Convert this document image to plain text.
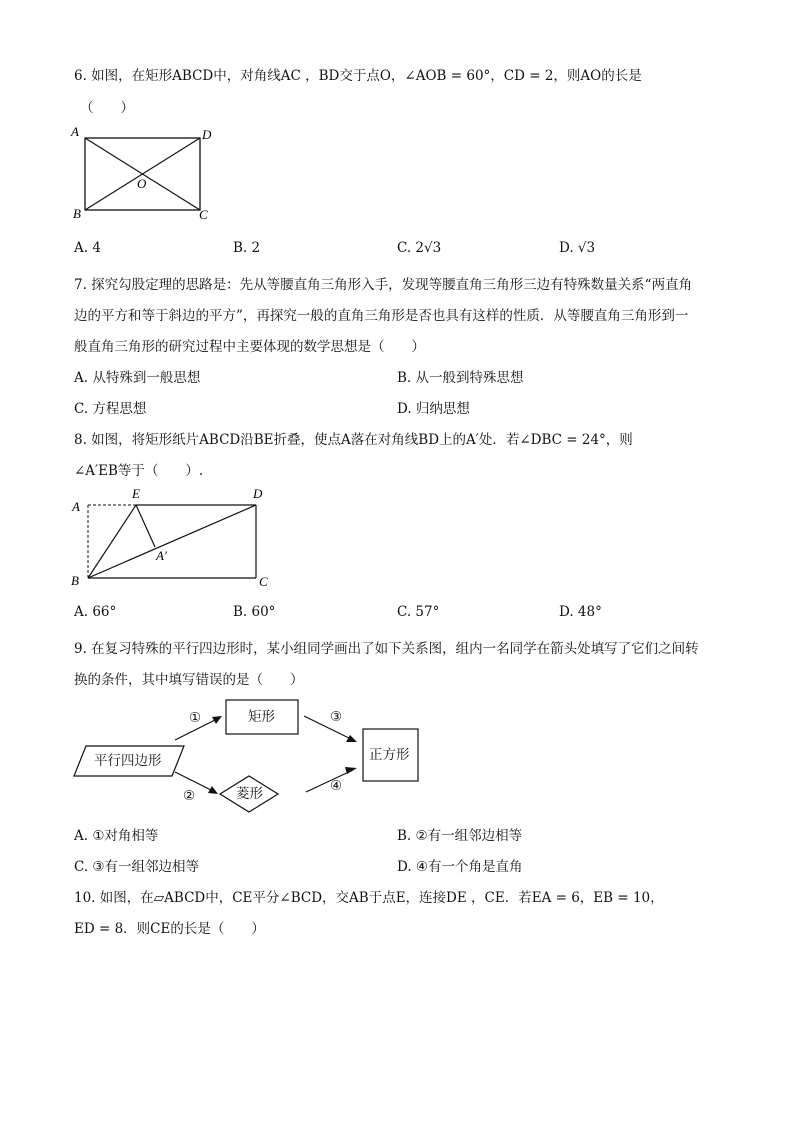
6. 如图，在矩形ABCD中，对角线AC ，BD交于点O，∠AOB = 60°，CD = 2，则AO的长是
（　　）
A	D
O
B	C
A
E	D
A′
B	C
A. 4	B. 2	C. 2√3	D. √3
7. 探究勾股定理的思路是：先从等腰直角三角形入手，发现等腰直角三角形三边有特殊数量关系“两直角
边的平方和等于斜边的平方”，再探究一般的直角三角形是否也具有这样的性质．从等腰直角三角形到一
般直角三角形的研究过程中主要体现的数学思想是（　　）
A. 从特殊到一般思想	B. 从一般到特殊思想
C. 方程思想	D. 归纳思想
8. 如图，将矩形纸片ABCD沿BE折叠，使点A落在对角线BD上的A′处．若∠DBC = 24°，则
∠A′EB等于（　　）.
A. 66°	B. 60°	C. 57°	D. 48°
9. 在复习特殊的平行四边形时，某小组同学画出了如下关系图，组内一名同学在箭头处填写了它们之间转
换的条件，其中填写错误的是（　　）
平行四边形
矩形
菱形
正方形
①
②
③
④
A. ①对角相等	B. ②有一组邻边相等
C. ③有一组邻边相等	D. ④有一个角是直角
10. 如图，在▱ABCD中，CE平分∠BCD，交AB于点E，连接DE ，CE．若EA = 6，EB = 10，
ED = 8．则CE的长是（　　）
